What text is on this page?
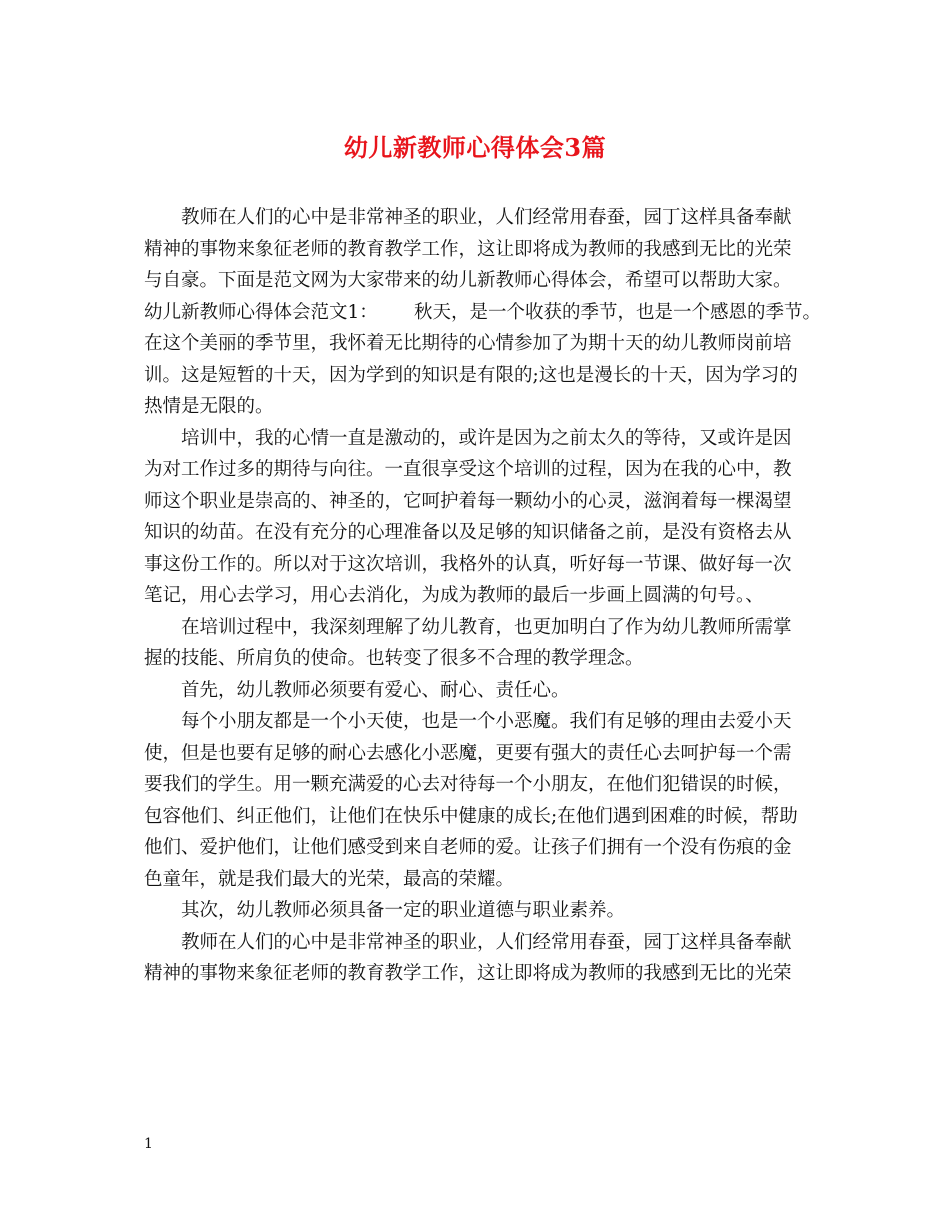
幼儿新教师心得体会3篇
教师在人们的心中是非常神圣的职业，人们经常用春蚕，园丁这样具备奉献
精神的事物来象征老师的教育教学工作，这让即将成为教师的我感到无比的光荣
与自豪。下面是范文网为大家带来的幼儿新教师心得体会，希望可以帮助大家。
幼儿新教师心得体会范文1： 秋天，是一个收获的季节，也是一个感恩的季节。
在这个美丽的季节里，我怀着无比期待的心情参加了为期十天的幼儿教师岗前培
训。这是短暂的十天，因为学到的知识是有限的;这也是漫长的十天，因为学习的
热情是无限的。
培训中，我的心情一直是激动的，或许是因为之前太久的等待，又或许是因
为对工作过多的期待与向往。一直很享受这个培训的过程，因为在我的心中，教
师这个职业是崇高的、神圣的，它呵护着每一颗幼小的心灵，滋润着每一棵渴望
知识的幼苗。在没有充分的心理准备以及足够的知识储备之前，是没有资格去从
事这份工作的。所以对于这次培训，我格外的认真，听好每一节课、做好每一次
笔记，用心去学习，用心去消化，为成为教师的最后一步画上圆满的句号。、
在培训过程中，我深刻理解了幼儿教育，也更加明白了作为幼儿教师所需掌
握的技能、所肩负的使命。也转变了很多不合理的教学理念。
首先，幼儿教师必须要有爱心、耐心、责任心。
每个小朋友都是一个小天使，也是一个小恶魔。我们有足够的理由去爱小天
使，但是也要有足够的耐心去感化小恶魔，更要有强大的责任心去呵护每一个需
要我们的学生。用一颗充满爱的心去对待每一个小朋友，在他们犯错误的时候，
包容他们、纠正他们，让他们在快乐中健康的成长;在他们遇到困难的时候，帮助
他们、爱护他们，让他们感受到来自老师的爱。让孩子们拥有一个没有伤痕的金
色童年，就是我们最大的光荣，最高的荣耀。
其次，幼儿教师必须具备一定的职业道德与职业素养。
教师在人们的心中是非常神圣的职业，人们经常用春蚕，园丁这样具备奉献
精神的事物来象征老师的教育教学工作，这让即将成为教师的我感到无比的光荣
1
